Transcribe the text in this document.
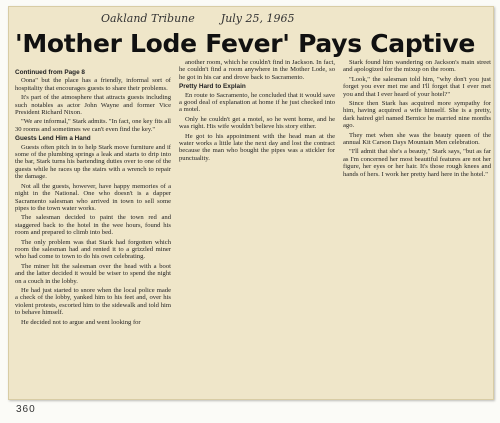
Oakland Tribune July 25, 1965
'Mother Lode Fever' Pays Captive
Continued from Page 8

Oona" but the place has a friendly, informal sort of hospitality that encourages guests to share their problems.

It's part of the atmosphere that attracts guests including such notables as actor John Wayne and former Vice President Richard Nixon.

"We are informal," Stark admits. "In fact, one key fits all 30 rooms and sometimes we can't even find the key."

Guests Lend Him a Hand

Guests often pitch in to help Stark move furniture and if some of the plumbing springs a leak and starts to drip into the bar, Stark turns his bartending duties over to one of the guests while he races up the stairs with a wrench to repair the damage.

Not all the guests, however, have happy memories of a night in the National. One who doesn't is a dapper Sacramento salesman who arrived in town to sell some pipes to the town water works.

The salesman decided to paint the town red and staggered back to the hotel in the wee hours, found his room and prepared to climb into bed.

The only problem was that Stark had forgotten which room the salesman had and rented it to a grizzled miner who had come to town to do his own celebrating.

The miner hit the salesman over the head with a boot and the latter decided it would be wiser to spend the night on a couch in the lobby.

He had just started to snore when the local police made a check of the lobby, yanked him to his feet and, over his violent protests, escorted him to the sidewalk and told him to behave himself.

He decided not to argue and went looking for

another room, which he couldn't find in Jackson. In fact, he couldn't find a room anywhere in the Mother Lode, so he got in his car and drove back to Sacramento.

Pretty Hard to Explain

En route to Sacramento, he concluded that it would save a good deal of explanation at home if he just checked into a motel.

Only he couldn't get a motel, so he went home, and he was right. His wife wouldn't believe his story either.

He got to his appointment with the head man at the water works a little late the next day and lost the contract because the man who bought the pipes was a stickler for punctuality.

Stark found him wandering on Jackson's main street and apologized for the mixup on the room.

"Look," the salesman told him, "why don't you just forget you ever met me and I'll forget that I ever met you and that I ever heard of your hotel?"

Since then Stark has acquired more sympathy for him, having acquired a wife himself. She is a pretty, dark haired girl named Bernice he married nine months ago.

They met when she was the beauty queen of the annual Kit Carson Days Mountain Men celebration.

"I'll admit that she's a beauty," Stark says, "but as far as I'm concerned her most beautiful features are not her figure, her eyes or her hair. It's those rough knees and hands of hers. I work her pretty hard here in the hotel."

360
